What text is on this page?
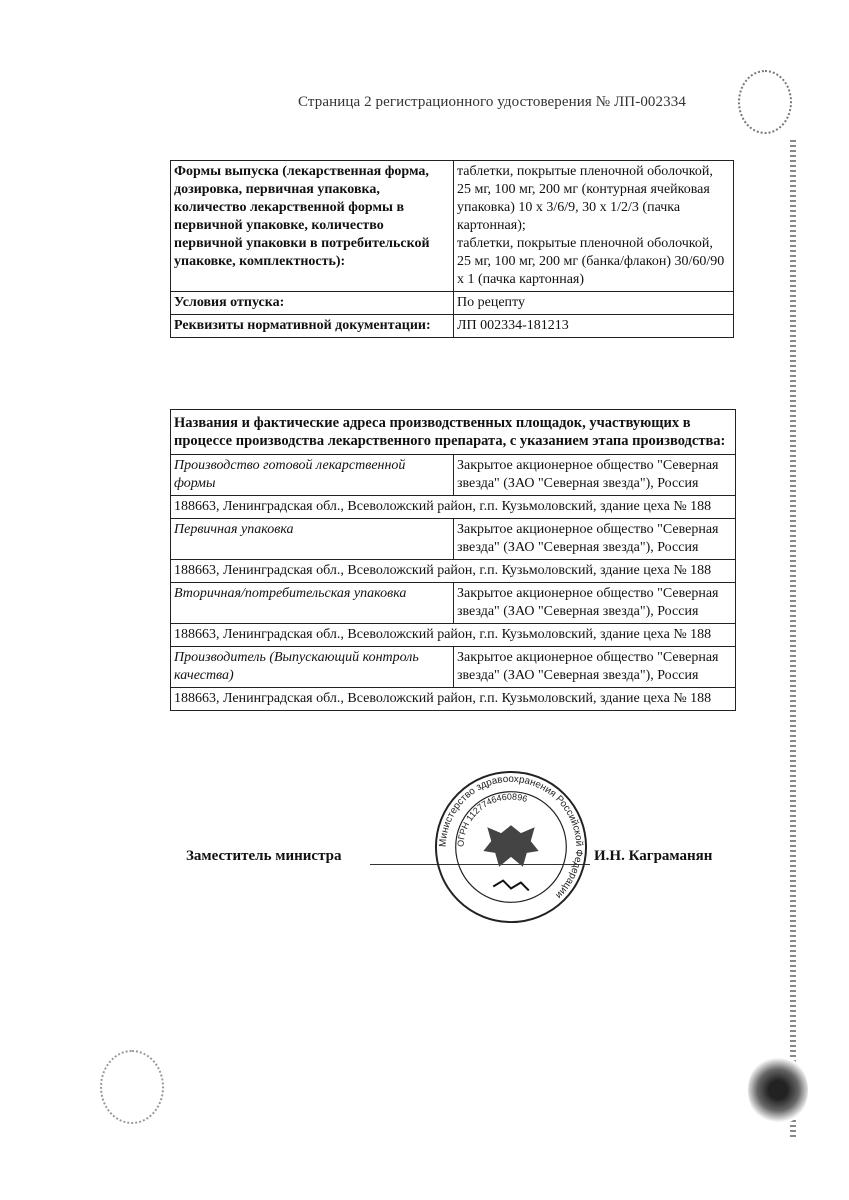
Страница 2 регистрационного удостоверения № ЛП-002334
Формы выпуска (лекарственная форма, дозировка, первичная упаковка, количество лекарственной формы в первичной упаковке, количество первичной упаковки в потребительской упаковке, комплектность):	таблетки, покрытые пленочной оболочкой, 25 мг, 100 мг, 200 мг (контурная ячейковая упаковка) 10 x 3/6/9, 30 x 1/2/3 (пачка картонная);
таблетки, покрытые пленочной оболочкой, 25 мг, 100 мг, 200 мг (банка/флакон) 30/60/90 x 1 (пачка картонная)

Условия отпуска:	По рецепту
Реквизиты нормативной документации:	ЛП 002334-181213
Названия и фактические адреса производственных площадок, участвующих в процессе производства лекарственного препарата, с указанием этапа производства:	
Производство готовой лекарственной формы	Закрытое акционерное общество "Северная звезда" (ЗАО "Северная звезда"), Россия
188663, Ленинградская обл., Всеволожский район, г.п. Кузьмоловский, здание цеха № 188	
Первичная упаковка	Закрытое акционерное общество "Северная звезда" (ЗАО "Северная звезда"), Россия
188663, Ленинградская обл., Всеволожский район, г.п. Кузьмоловский, здание цеха № 188	
Вторичная/потребительская упаковка	Закрытое акционерное общество "Северная звезда" (ЗАО "Северная звезда"), Россия
188663, Ленинградская обл., Всеволожский район, г.п. Кузьмоловский, здание цеха № 188	
Производитель (Выпускающий контроль качества)	Закрытое акционерное общество "Северная звезда" (ЗАО "Северная звезда"), Россия
188663, Ленинградская обл., Всеволожский район, г.п. Кузьмоловский, здание цеха № 188	
Заместитель министра	И.Н. Каграманян
Министерство здравоохранения Российской Федерации
ОГРН 1127746460896
